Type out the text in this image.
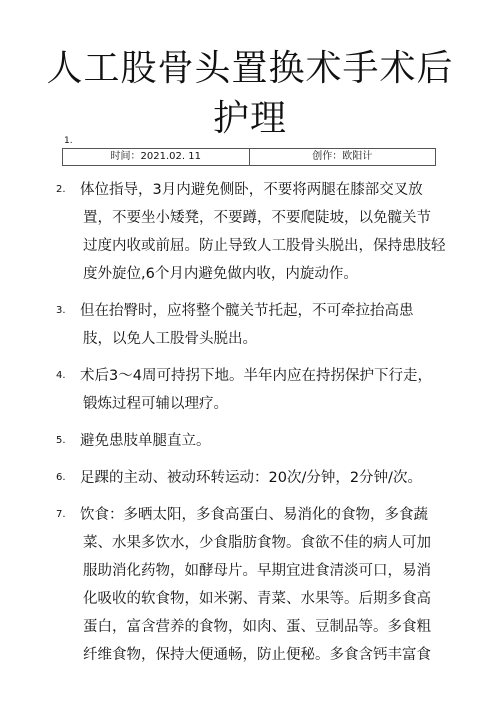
人工股骨头置换术手术后
护理
1.
时间：2021.02. 11	创作：欧阳计
2. 体位指导，3月内避免侧卧，不要将两腿在膝部交叉放
置，不要坐小矮凳，不要蹲，不要爬陡坡，以免髋关节
过度内收或前屈。防止导致人工股骨头脱出，保持患肢轻
度外旋位,6个月内避免做内收，内旋动作。
3. 但在抬臀时，应将整个髋关节托起，不可牵拉抬高患
肢，以免人工股骨头脱出。
4. 术后3～4周可持拐下地。半年内应在持拐保护下行走，
锻炼过程可辅以理疗。
5. 避免患肢单腿直立。
6. 足踝的主动、被动环转运动：20次/分钟，2分钟/次。
7. 饮食：多晒太阳，多食高蛋白、易消化的食物，多食蔬
菜、水果多饮水，少食脂肪食物。食欲不佳的病人可加
服助消化药物，如酵母片。早期宜进食清淡可口，易消
化吸收的软食物，如米粥、青菜、水果等。后期多食高
蛋白，富含营养的食物，如肉、蛋、豆制品等。多食粗
纤维食物，保持大便通畅，防止便秘。多食含钙丰富食
